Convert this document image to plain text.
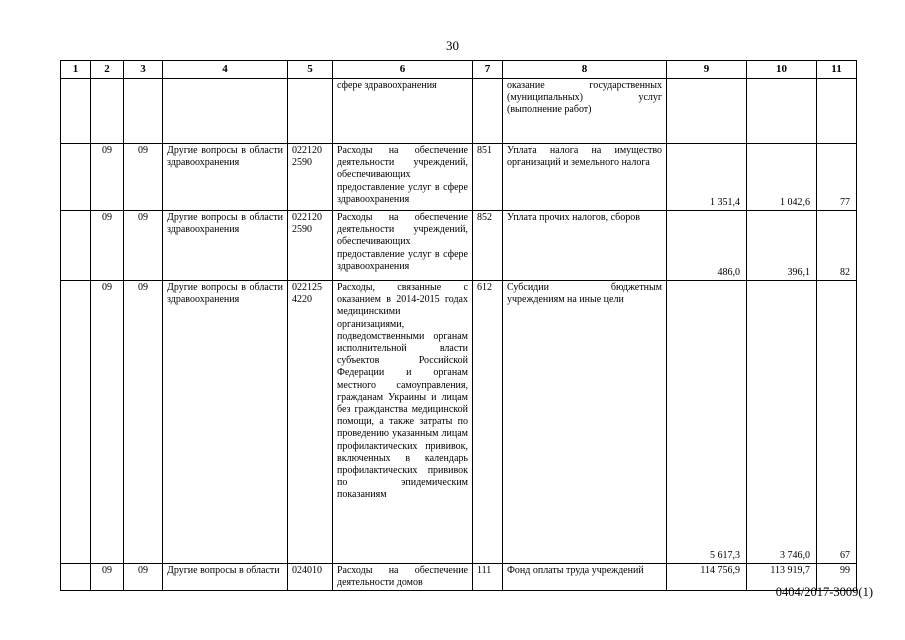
30
1	2	3	4	5	6	7	8	9	10	11
					сфере здравоохранения		оказание государственных (муниципальных) услуг (выполнение работ)			
	09	09	Другие вопросы в области здравоохранения	022120 2590	Расходы на обеспечение деятельности учреждений, обеспечивающих предоставление услуг в сфере здравоохранения	851	Уплата налога на имущество организаций и земельного налога	1 351,4	1 042,6	77
	09	09	Другие вопросы в области здравоохранения	022120 2590	Расходы на обеспечение деятельности учреждений, обеспечивающих предоставление услуг в сфере здравоохранения	852	Уплата прочих налогов, сборов	486,0	396,1	82
	09	09	Другие вопросы в области здравоохранения	022125 4220	Расходы, связанные с оказанием в 2014-2015 годах медицинскими организациями, подведомственными органам исполнительной власти субъектов Российской Федерации и органам местного самоуправления, гражданам Украины и лицам без гражданства медицинской помощи, а также затраты по проведению указанным лицам профилактических прививок, включенных в календарь профилактических прививок по эпидемическим показаниям	612	Субсидии бюджетным учреждениям на иные цели	5 617,3	3 746,0	67
	09	09	Другие вопросы в области	024010	Расходы на обеспечение деятельности домов	111	Фонд оплаты труда учреждений	114 756,9	113 919,7	99
0404/2017-3009(1)
